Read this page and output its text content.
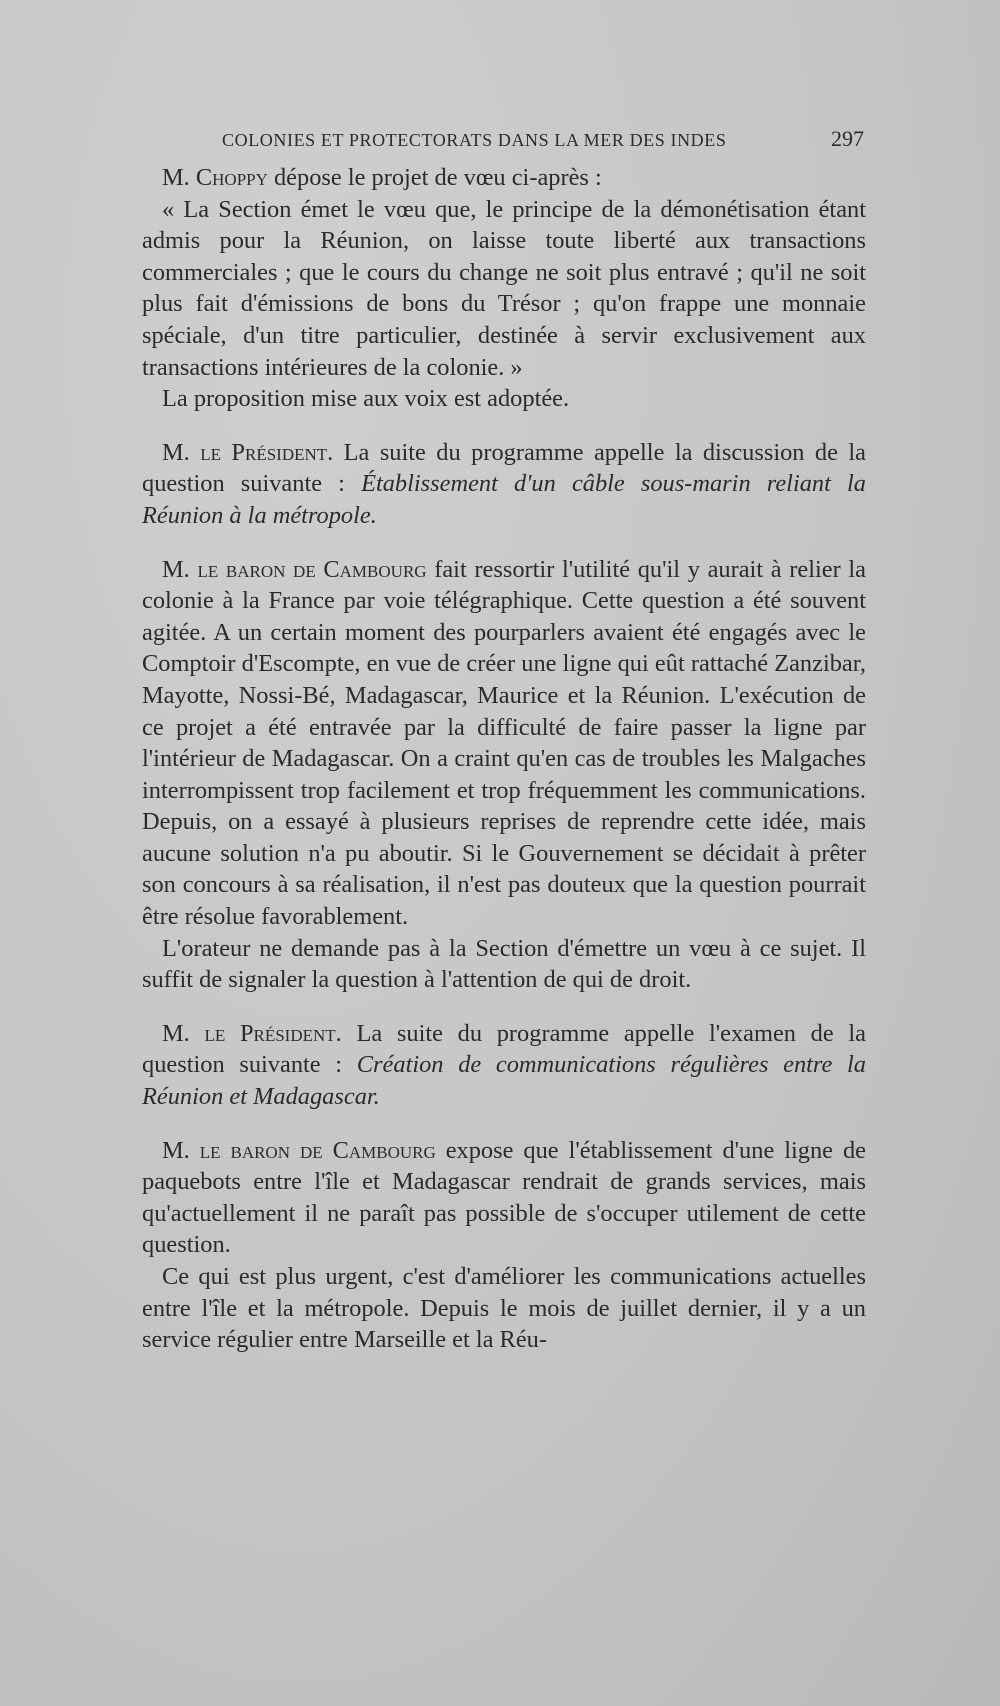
COLONIES ET PROTECTORATS DANS LA MER DES INDES	297

M. Choppy dépose le projet de vœu ci-après :

« La Section émet le vœu que, le principe de la démonétisation étant admis pour la Réunion, on laisse toute liberté aux transactions commerciales ; que le cours du change ne soit plus entravé ; qu'il ne soit plus fait d'émissions de bons du Trésor ; qu'on frappe une monnaie spéciale, d'un titre particulier, destinée à servir exclusivement aux transactions intérieures de la colonie. »

La proposition mise aux voix est adoptée.

M. le Président. La suite du programme appelle la discussion de la question suivante : Établissement d'un câble sous-marin reliant la Réunion à la métropole.

M. le baron de Cambourg fait ressortir l'utilité qu'il y aurait à relier la colonie à la France par voie télégraphique. Cette question a été souvent agitée. A un certain moment des pourparlers avaient été engagés avec le Comptoir d'Escompte, en vue de créer une ligne qui eût rattaché Zanzibar, Mayotte, Nossi-Bé, Madagascar, Maurice et la Réunion. L'exécution de ce projet a été entravée par la difficulté de faire passer la ligne par l'intérieur de Madagascar. On a craint qu'en cas de troubles les Malgaches interrompissent trop facilement et trop fréquemment les communications. Depuis, on a essayé à plusieurs reprises de reprendre cette idée, mais aucune solution n'a pu aboutir. Si le Gouvernement se décidait à prêter son concours à sa réalisation, il n'est pas douteux que la question pourrait être résolue favorablement.

L'orateur ne demande pas à la Section d'émettre un vœu à ce sujet. Il suffit de signaler la question à l'attention de qui de droit.

M. le Président. La suite du programme appelle l'examen de la question suivante : Création de communications régulières entre la Réunion et Madagascar.

M. le baron de Cambourg expose que l'établissement d'une ligne de paquebots entre l'île et Madagascar rendrait de grands services, mais qu'actuellement il ne paraît pas possible de s'occuper utilement de cette question.

Ce qui est plus urgent, c'est d'améliorer les communications actuelles entre l'île et la métropole. Depuis le mois de juillet dernier, il y a un service régulier entre Marseille et la Réu-
